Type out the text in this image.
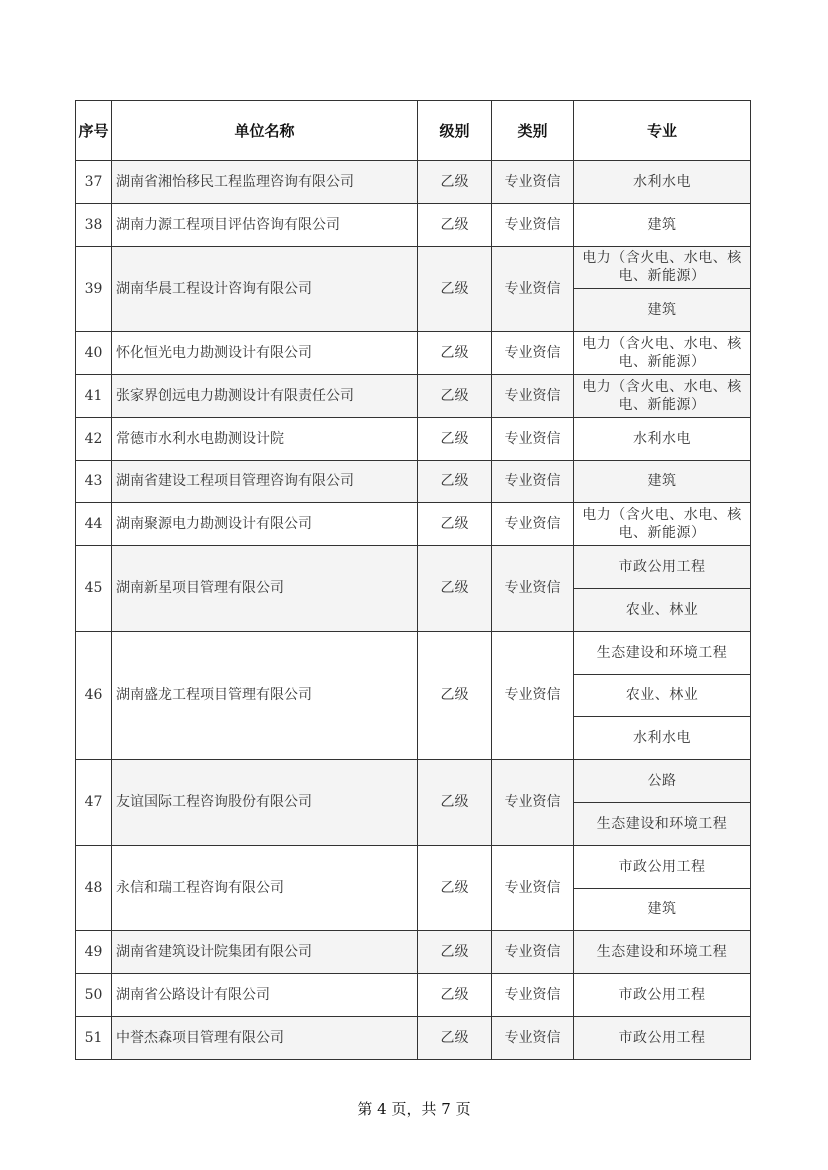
序号	单位名称	级别	类别	专业
37	湖南省湘怡移民工程监理咨询有限公司	乙级	专业资信	水利水电
38	湖南力源工程项目评估咨询有限公司	乙级	专业资信	建筑
39	湖南华晨工程设计咨询有限公司	乙级	专业资信	电力（含火电、水电、核电、新能源）
				建筑
40	怀化恒光电力勘测设计有限公司	乙级	专业资信	电力（含火电、水电、核电、新能源）
41	张家界创远电力勘测设计有限责任公司	乙级	专业资信	电力（含火电、水电、核电、新能源）
42	常德市水利水电勘测设计院	乙级	专业资信	水利水电
43	湖南省建设工程项目管理咨询有限公司	乙级	专业资信	建筑
44	湖南聚源电力勘测设计有限公司	乙级	专业资信	电力（含火电、水电、核电、新能源）
45	湖南新星项目管理有限公司	乙级	专业资信	市政公用工程
				农业、林业
46	湖南盛龙工程项目管理有限公司	乙级	专业资信	生态建设和环境工程
				农业、林业
				水利水电
47	友谊国际工程咨询股份有限公司	乙级	专业资信	公路
				生态建设和环境工程
48	永信和瑞工程咨询有限公司	乙级	专业资信	市政公用工程
				建筑
49	湖南省建筑设计院集团有限公司	乙级	专业资信	生态建设和环境工程
50	湖南省公路设计有限公司	乙级	专业资信	市政公用工程
51	中誉杰森项目管理有限公司	乙级	专业资信	市政公用工程
第 4 页，共 7 页
